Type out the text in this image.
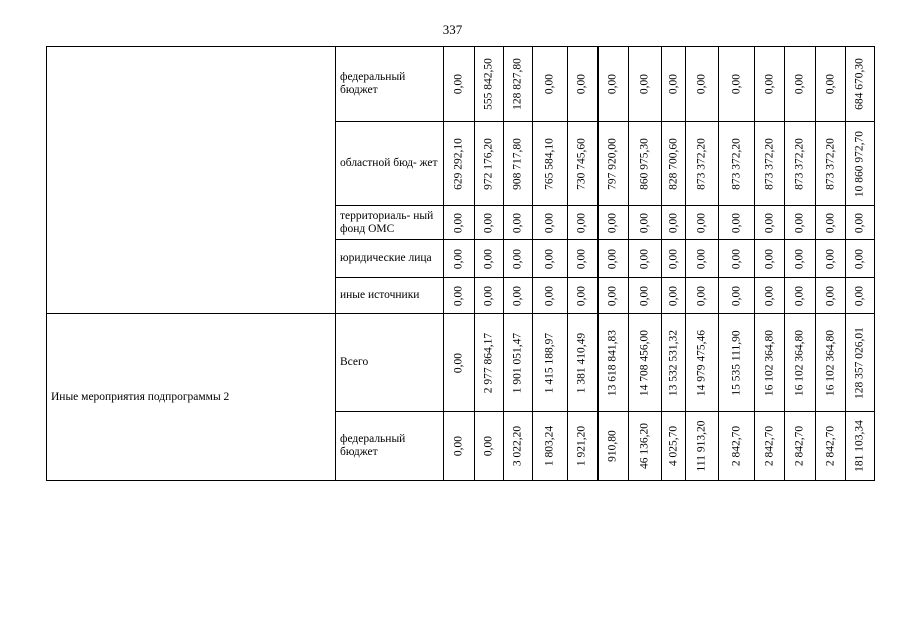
337
	федеральный бюджет	0,00	555 842,50	128 827,80	0,00	0,00	0,00	0,00	0,00	0,00	0,00	0,00	0,00	0,00	684 670,30

	областной бюд- жет	629 292,10	972 176,20	908 717,80	765 584,10	730 745,60	797 920,00	860 975,30	828 700,60	873 372,20	873 372,20	873 372,20	873 372,20	873 372,20	10 860 972,70

	территориаль- ный фонд ОМС	0,00	0,00	0,00	0,00	0,00	0,00	0,00	0,00	0,00	0,00	0,00	0,00	0,00	0,00

	юридические лица	0,00	0,00	0,00	0,00	0,00	0,00	0,00	0,00	0,00	0,00	0,00	0,00	0,00	0,00

	иные источники	0,00	0,00	0,00	0,00	0,00	0,00	0,00	0,00	0,00	0,00	0,00	0,00	0,00	0,00

Иные мероприятия подпрограммы 2	Всего	0,00	2 977 864,17	1 901 051,47	1 415 188,97	1 381 410,49	13 618 841,83	14 708 456,00	13 532 531,32	14 979 475,46	15 535 111,90	16 102 364,80	16 102 364,80	16 102 364,80	128 357 026,01

	федеральный бюджет	0,00	0,00	3 022,20	1 803,24	1 921,20	910,80	46 136,20	4 025,70	111 913,20	2 842,70	2 842,70	2 842,70	2 842,70	181 103,34
